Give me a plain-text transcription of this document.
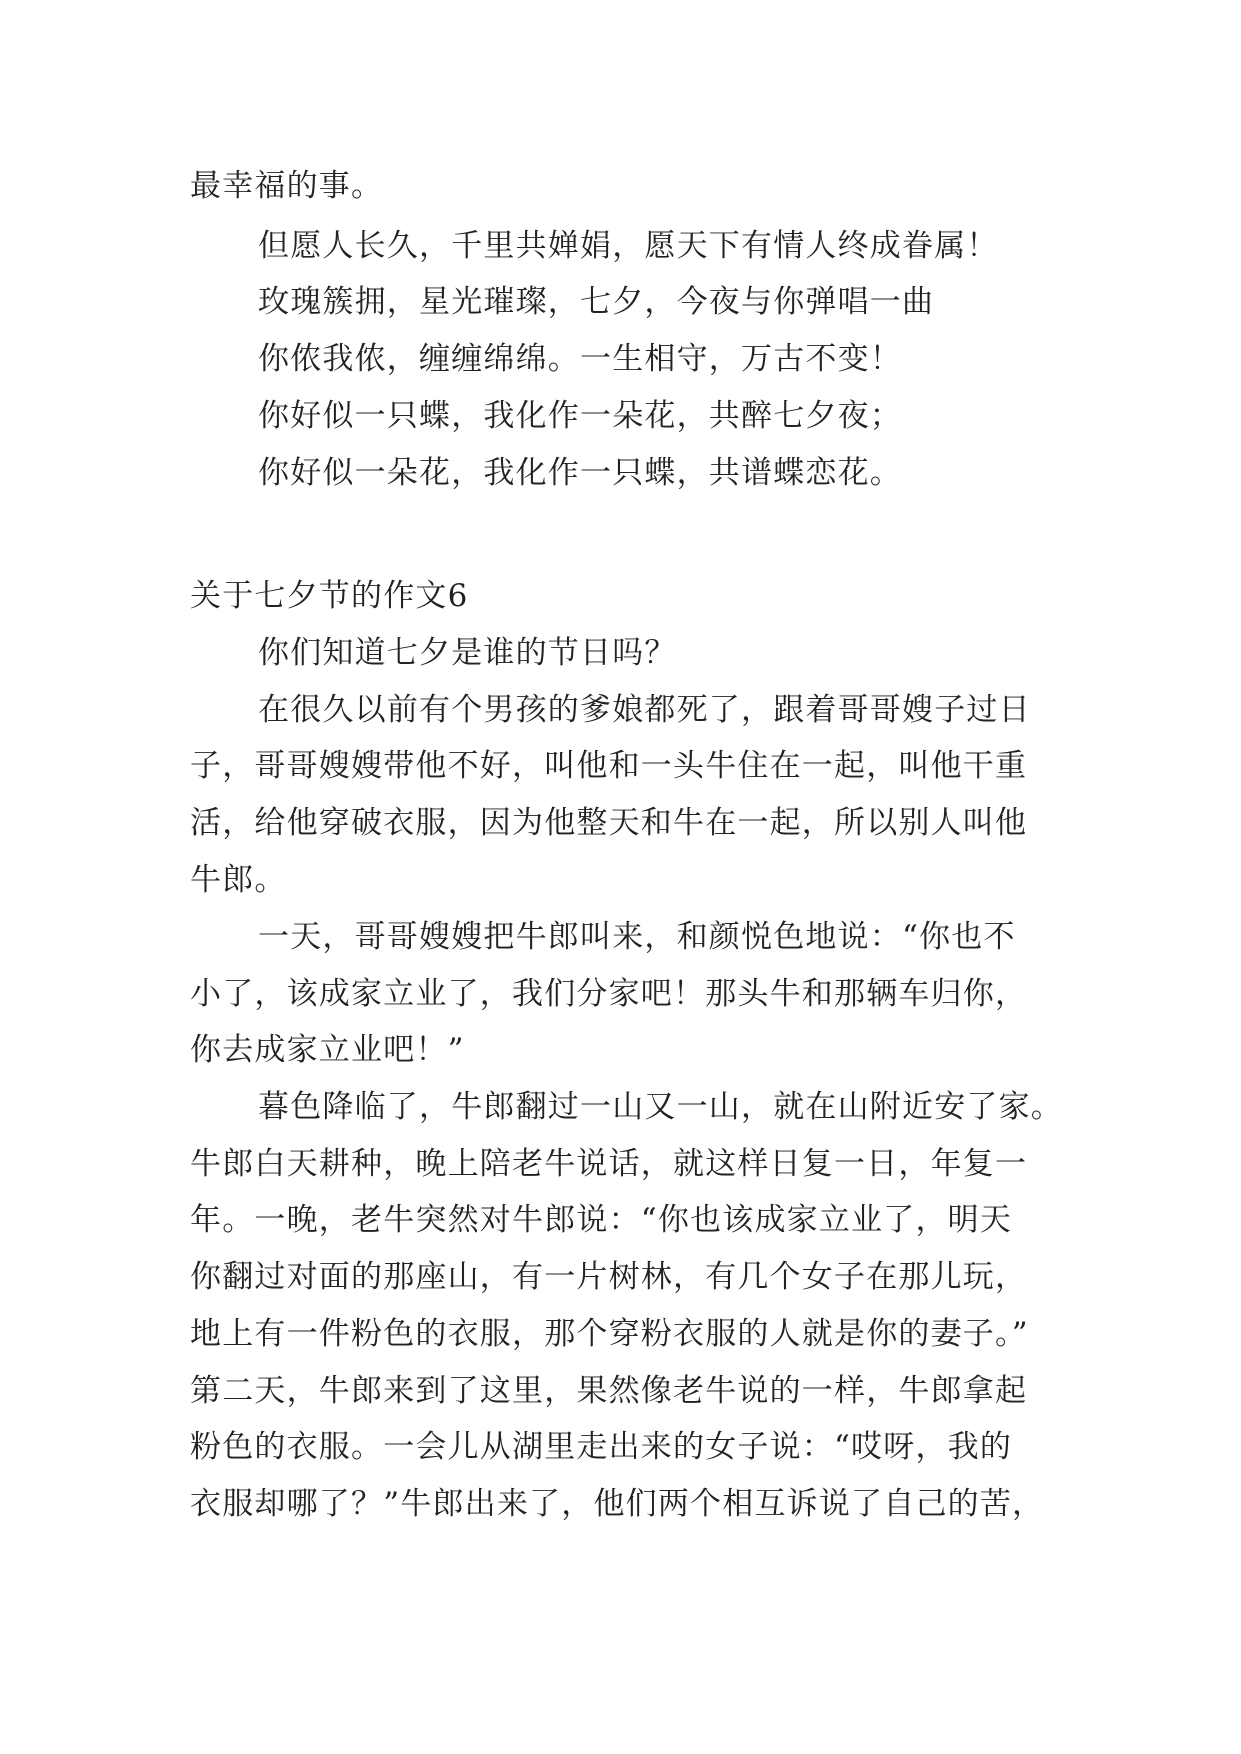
最幸福的事。
但愿人长久，千里共婵娟，愿天下有情人终成眷属！
玫瑰簇拥，星光璀璨，七夕，今夜与你弹唱一曲
你侬我侬，缠缠绵绵。一生相守，万古不变！
你好似一只蝶，我化作一朵花，共醉七夕夜；
你好似一朵花，我化作一只蝶，共谱蝶恋花。
关于七夕节的作文6
你们知道七夕是谁的节日吗？
在很久以前有个男孩的爹娘都死了，跟着哥哥嫂子过日
子，哥哥嫂嫂带他不好，叫他和一头牛住在一起，叫他干重
活，给他穿破衣服，因为他整天和牛在一起，所以别人叫他
牛郎。
一天，哥哥嫂嫂把牛郎叫来，和颜悦色地说：“你也不
小了，该成家立业了，我们分家吧！那头牛和那辆车归你，
你去成家立业吧！”
暮色降临了，牛郎翻过一山又一山，就在山附近安了家。
牛郎白天耕种，晚上陪老牛说话，就这样日复一日，年复一
年。一晚，老牛突然对牛郎说：“你也该成家立业了，明天
你翻过对面的那座山，有一片树林，有几个女子在那儿玩，
地上有一件粉色的衣服，那个穿粉衣服的人就是你的妻子。”
第二天，牛郎来到了这里，果然像老牛说的一样，牛郎拿起
粉色的衣服。一会儿从湖里走出来的女子说：“哎呀，我的
衣服却哪了？”牛郎出来了，他们两个相互诉说了自己的苦，
